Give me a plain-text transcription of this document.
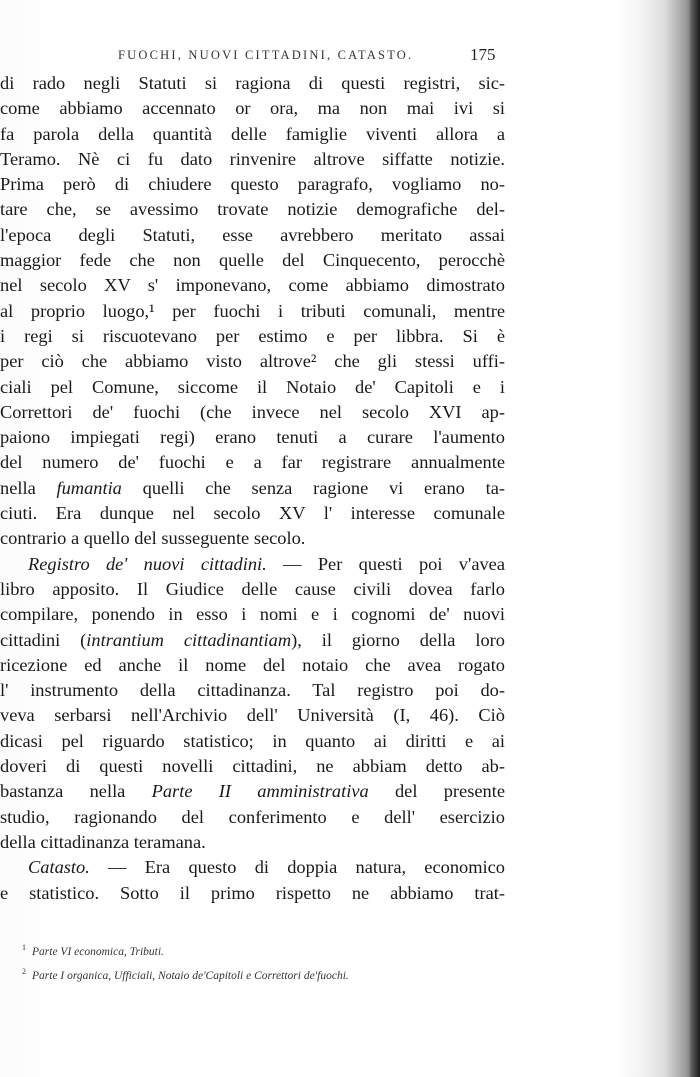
FUOCHI, NUOVI CITTADINI, CATASTO.	175
di rado negli Statuti si ragiona di questi registri, sic-
come abbiamo accennato or ora, ma non mai ivi si
fa parola della quantità delle famiglie viventi allora a
Teramo. Nè ci fu dato rinvenire altrove siffatte notizie.
Prima però di chiudere questo paragrafo, vogliamo no-
tare che, se avessimo trovate notizie demografiche del-
l'epoca degli Statuti, esse avrebbero meritato assai
maggior fede che non quelle del Cinquecento, perocchè
nel secolo XV s' imponevano, come abbiamo dimostrato
al proprio luogo,¹ per fuochi i tributi comunali, mentre
i regi si riscuotevano per estimo e per libbra. Si è
per ciò che abbiamo visto altrove² che gli stessi uffi-
ciali pel Comune, siccome il Notaio de' Capitoli e i
Correttori de' fuochi (che invece nel secolo XVI ap-
paiono impiegati regi) erano tenuti a curare l'aumento
del numero de' fuochi e a far registrare annualmente
nella fumantia quelli che senza ragione vi erano ta-
ciuti. Era dunque nel secolo XV l' interesse comunale
contrario a quello del susseguente secolo.
Registro de' nuovi cittadini. — Per questi poi v'avea
libro apposito. Il Giudice delle cause civili dovea farlo
compilare, ponendo in esso i nomi e i cognomi de' nuovi
cittadini (intrantium cittadinantiam), il giorno della loro
ricezione ed anche il nome del notaio che avea rogato
l' instrumento della cittadinanza. Tal registro poi do-
veva serbarsi nell'Archivio dell' Università (I, 46). Ciò
dicasi pel riguardo statistico; in quanto ai diritti e ai
doveri di questi novelli cittadini, ne abbiam detto ab-
bastanza nella Parte II amministrativa del presente
studio, ragionando del conferimento e dell' esercizio
della cittadinanza teramana.
Catasto. — Era questo di doppia natura, economico
e statistico. Sotto il primo rispetto ne abbiamo trat-
$^1$ Parte VI economica, Tributi.
$^2$ Parte I organica, Ufficiali, Notaio de'Capitoli e Correttori de'fuochi.
